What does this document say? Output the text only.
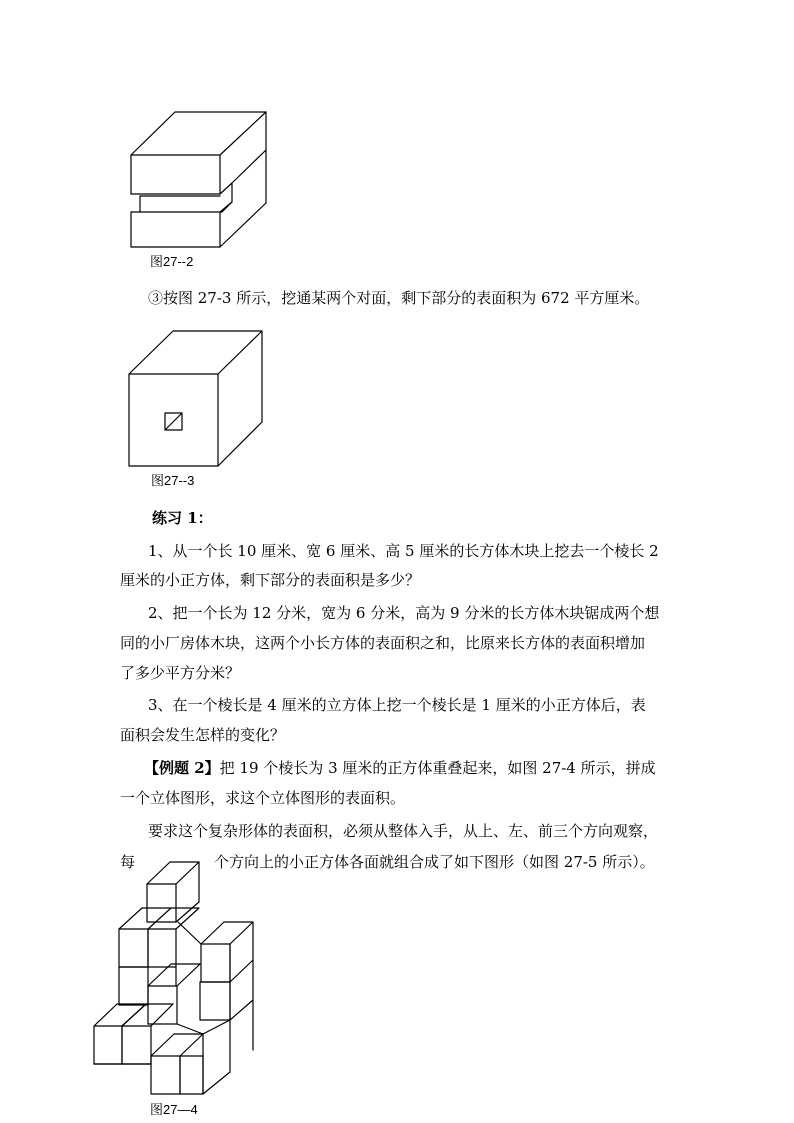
图27--2
③按图 27-3 所示，挖通某两个对面，剩下部分的表面积为 672 平方厘米。
图27--3
练习 1：
1、从一个长 10 厘米、宽 6 厘米、高 5 厘米的长方体木块上挖去一个棱长 2
厘米的小正方体，剩下部分的表面积是多少？
2、把一个长为 12 分米，宽为 6 分米，高为 9 分米的长方体木块锯成两个想
同的小厂房体木块，这两个小长方体的表面积之和，比原来长方体的表面积增加
了多少平方分米？
3、在一个棱长是 4 厘米的立方体上挖一个棱长是 1 厘米的小正方体后，表
面积会发生怎样的变化？
【例题 2】把 19 个棱长为 3 厘米的正方体重叠起来，如图 27-4 所示，拼成
一个立体图形，求这个立体图形的表面积。
要求这个复杂形体的表面积，必须从整体入手，从上、左、前三个方向观察，
每	个方向上的小正方体各面就组合成了如下图形（如图 27-5 所示）。
图27—4
